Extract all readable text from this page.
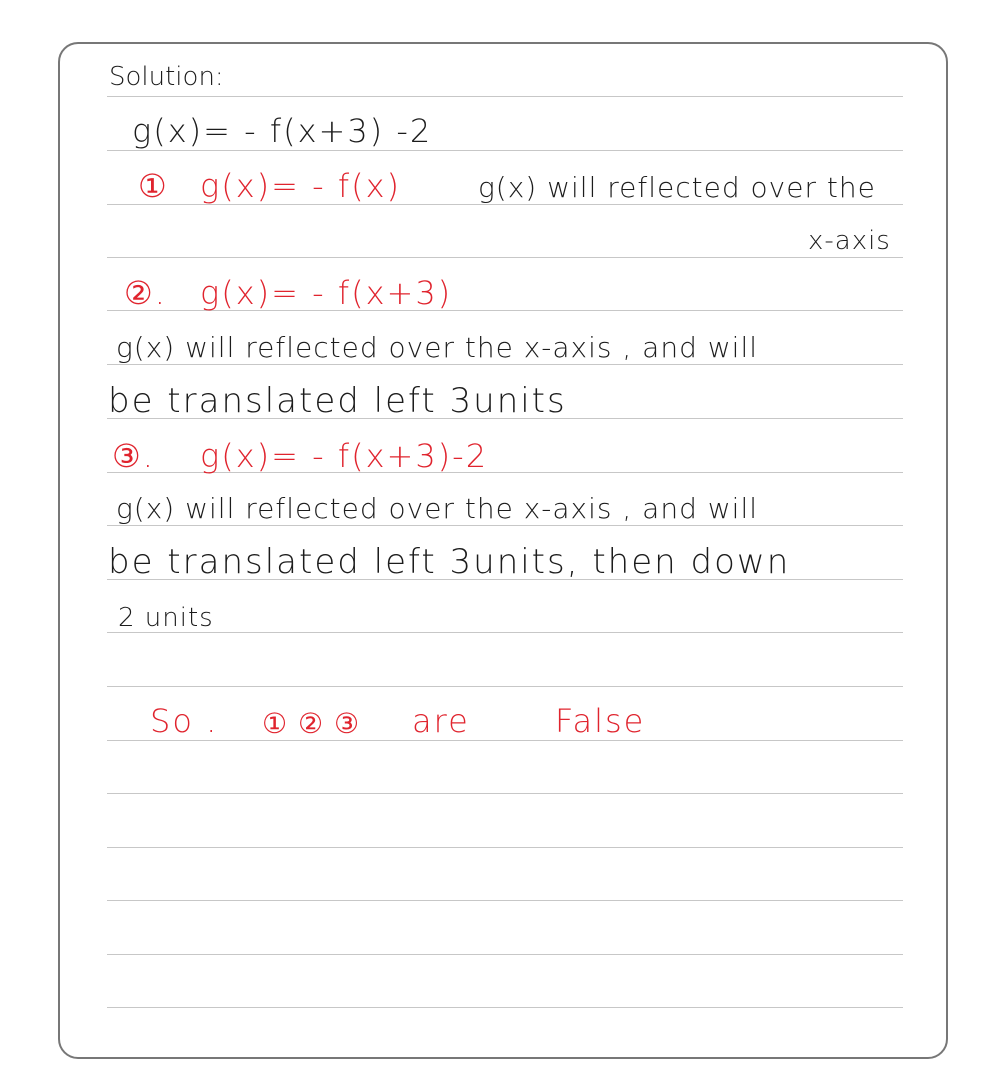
Solution:
g(x)= - f(x+3) -2
① g(x)= - f(x)	g(x) will reflected over the
x-axis
②. g(x)= - f(x+3)
g(x) will reflected over the x-axis , and will
be translated left 3units
③. g(x)= - f(x+3)-2
g(x) will reflected over the x-axis , and will
be translated left 3units, then down
2 units
So . ① ② ③ are	False
